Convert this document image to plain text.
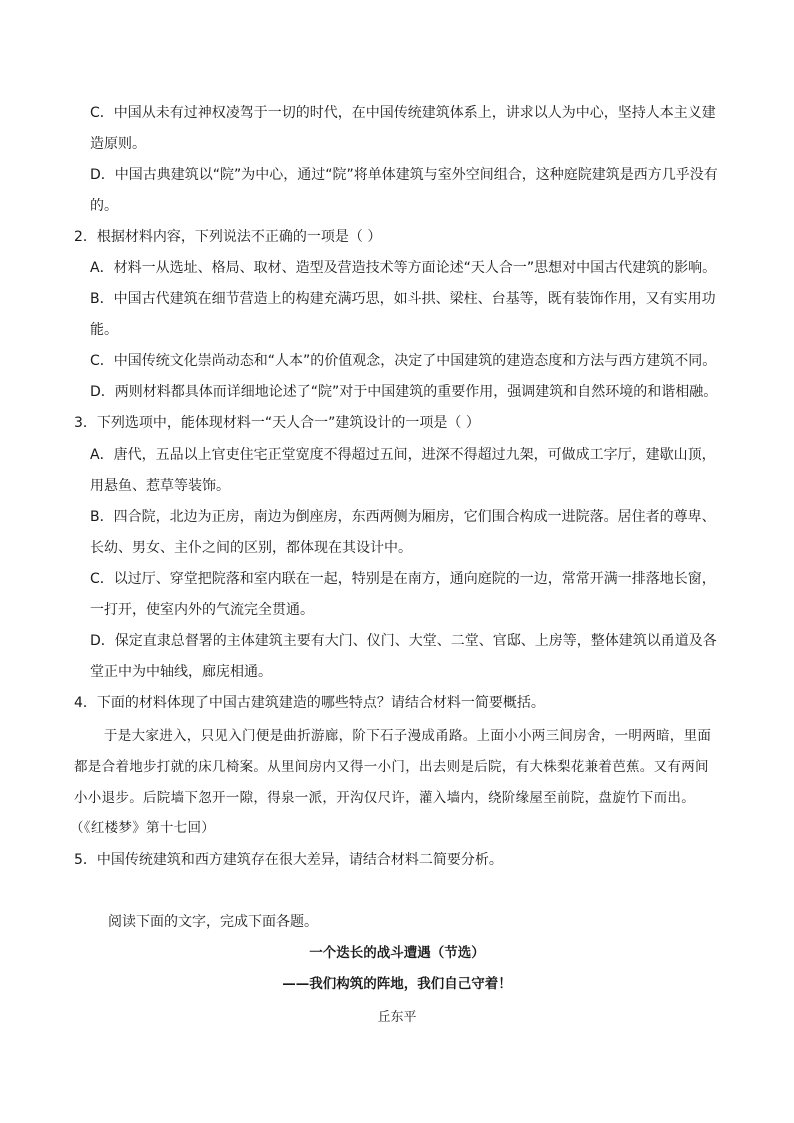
C．中国从未有过神权凌驾于一切的时代，在中国传统建筑体系上，讲求以人为中心，坚持人本主义建
造原则。
D．中国古典建筑以“院”为中心，通过“院”将单体建筑与室外空间组合，这种庭院建筑是西方几乎没有
的。
2．根据材料内容，下列说法不正确的一项是（ ）
A．材料一从选址、格局、取材、造型及营造技术等方面论述“天人合一”思想对中国古代建筑的影响。
B．中国古代建筑在细节营造上的构建充满巧思，如斗拱、梁柱、台基等，既有装饰作用，又有实用功
能。
C．中国传统文化崇尚动态和“人本”的价值观念，决定了中国建筑的建造态度和方法与西方建筑不同。
D．两则材料都具体而详细地论述了“院”对于中国建筑的重要作用，强调建筑和自然环境的和谐相融。
3．下列选项中，能体现材料一“天人合一”建筑设计的一项是（ ）
A．唐代，五品以上官吏住宅正堂宽度不得超过五间，进深不得超过九架，可做成工字厅，建歇山顶，
用悬鱼、惹草等装饰。
B．四合院，北边为正房，南边为倒座房，东西两侧为厢房，它们围合构成一进院落。居住者的尊卑、
长幼、男女、主仆之间的区别，都体现在其设计中。
C．以过厅、穿堂把院落和室内联在一起，特别是在南方，通向庭院的一边，常常开满一排落地长窗，
一打开，使室内外的气流完全贯通。
D．保定直隶总督署的主体建筑主要有大门、仪门、大堂、二堂、官邸、上房等，整体建筑以甬道及各
堂正中为中轴线，廊庑相通。
4．下面的材料体现了中国古建筑建造的哪些特点？请结合材料一简要概括。
于是大家进入，只见入门便是曲折游廊，阶下石子漫成甬路。上面小小两三间房舍，一明两暗，里面
都是合着地步打就的床几椅案。从里间房内又得一小门，出去则是后院，有大株梨花兼着芭蕉。又有两间
小小退步。后院墙下忽开一隙，得泉一派，开沟仅尺许，灌入墙内，绕阶缘屋至前院，盘旋竹下而出。
（《红楼梦》第十七回）
5．中国传统建筑和西方建筑存在很大差异，请结合材料二简要分析。
阅读下面的文字，完成下面各题。
一个迭长的战斗遭遇（节选）
——我们构筑的阵地，我们自己守着！
丘东平
